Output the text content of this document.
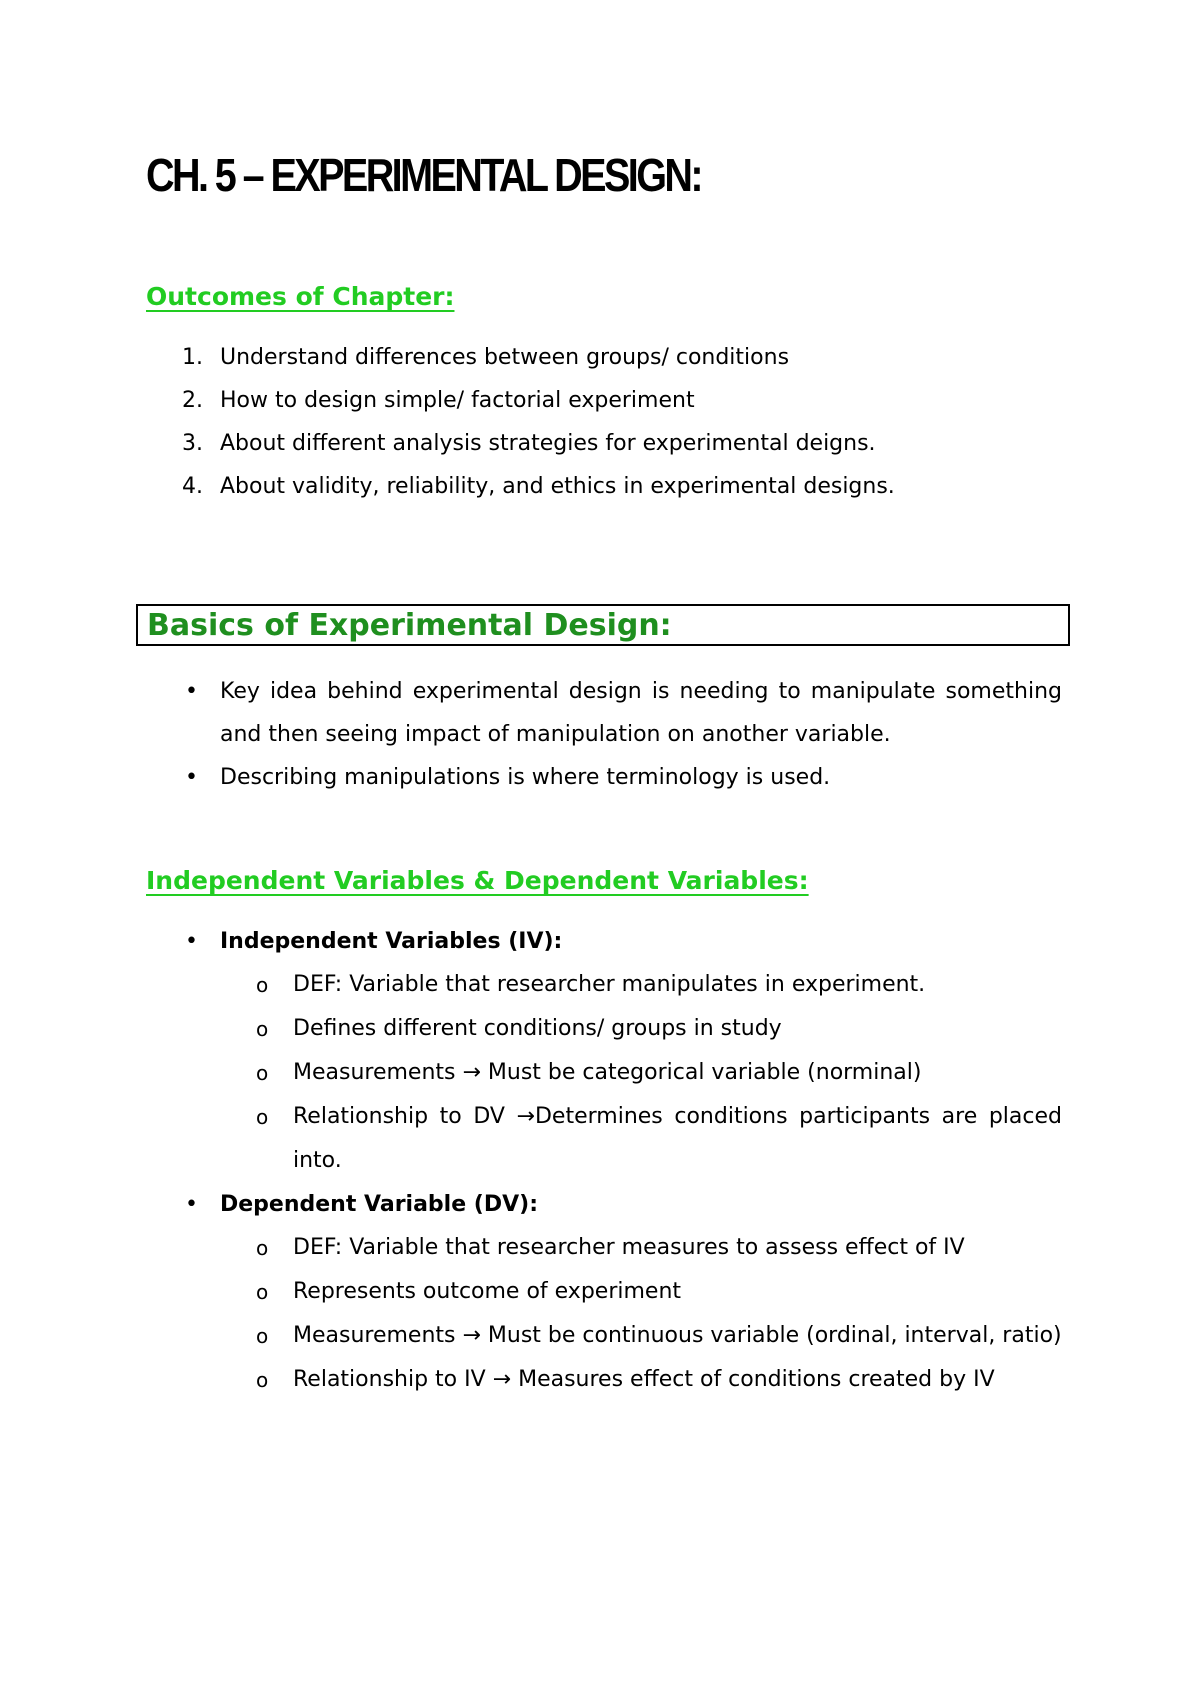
CH. 5 – EXPERIMENTAL DESIGN:
Outcomes of Chapter:
1. Understand differences between groups/ conditions
2. How to design simple/ factorial experiment
3. About different analysis strategies for experimental deigns.
4. About validity, reliability, and ethics in experimental designs.
Basics of Experimental Design:
• Key idea behind experimental design is needing to manipulate something and then seeing impact of manipulation on another variable.
• Describing manipulations is where terminology is used.
Independent Variables & Dependent Variables:
• Independent Variables (IV):
o DEF: Variable that researcher manipulates in experiment.
o Defines different conditions/ groups in study
o Measurements → Must be categorical variable (norminal)
o Relationship to DV →Determines conditions participants are placed into.
• Dependent Variable (DV):
o DEF: Variable that researcher measures to assess effect of IV
o Represents outcome of experiment
o Measurements → Must be continuous variable (ordinal, interval, ratio)
o Relationship to IV → Measures effect of conditions created by IV
